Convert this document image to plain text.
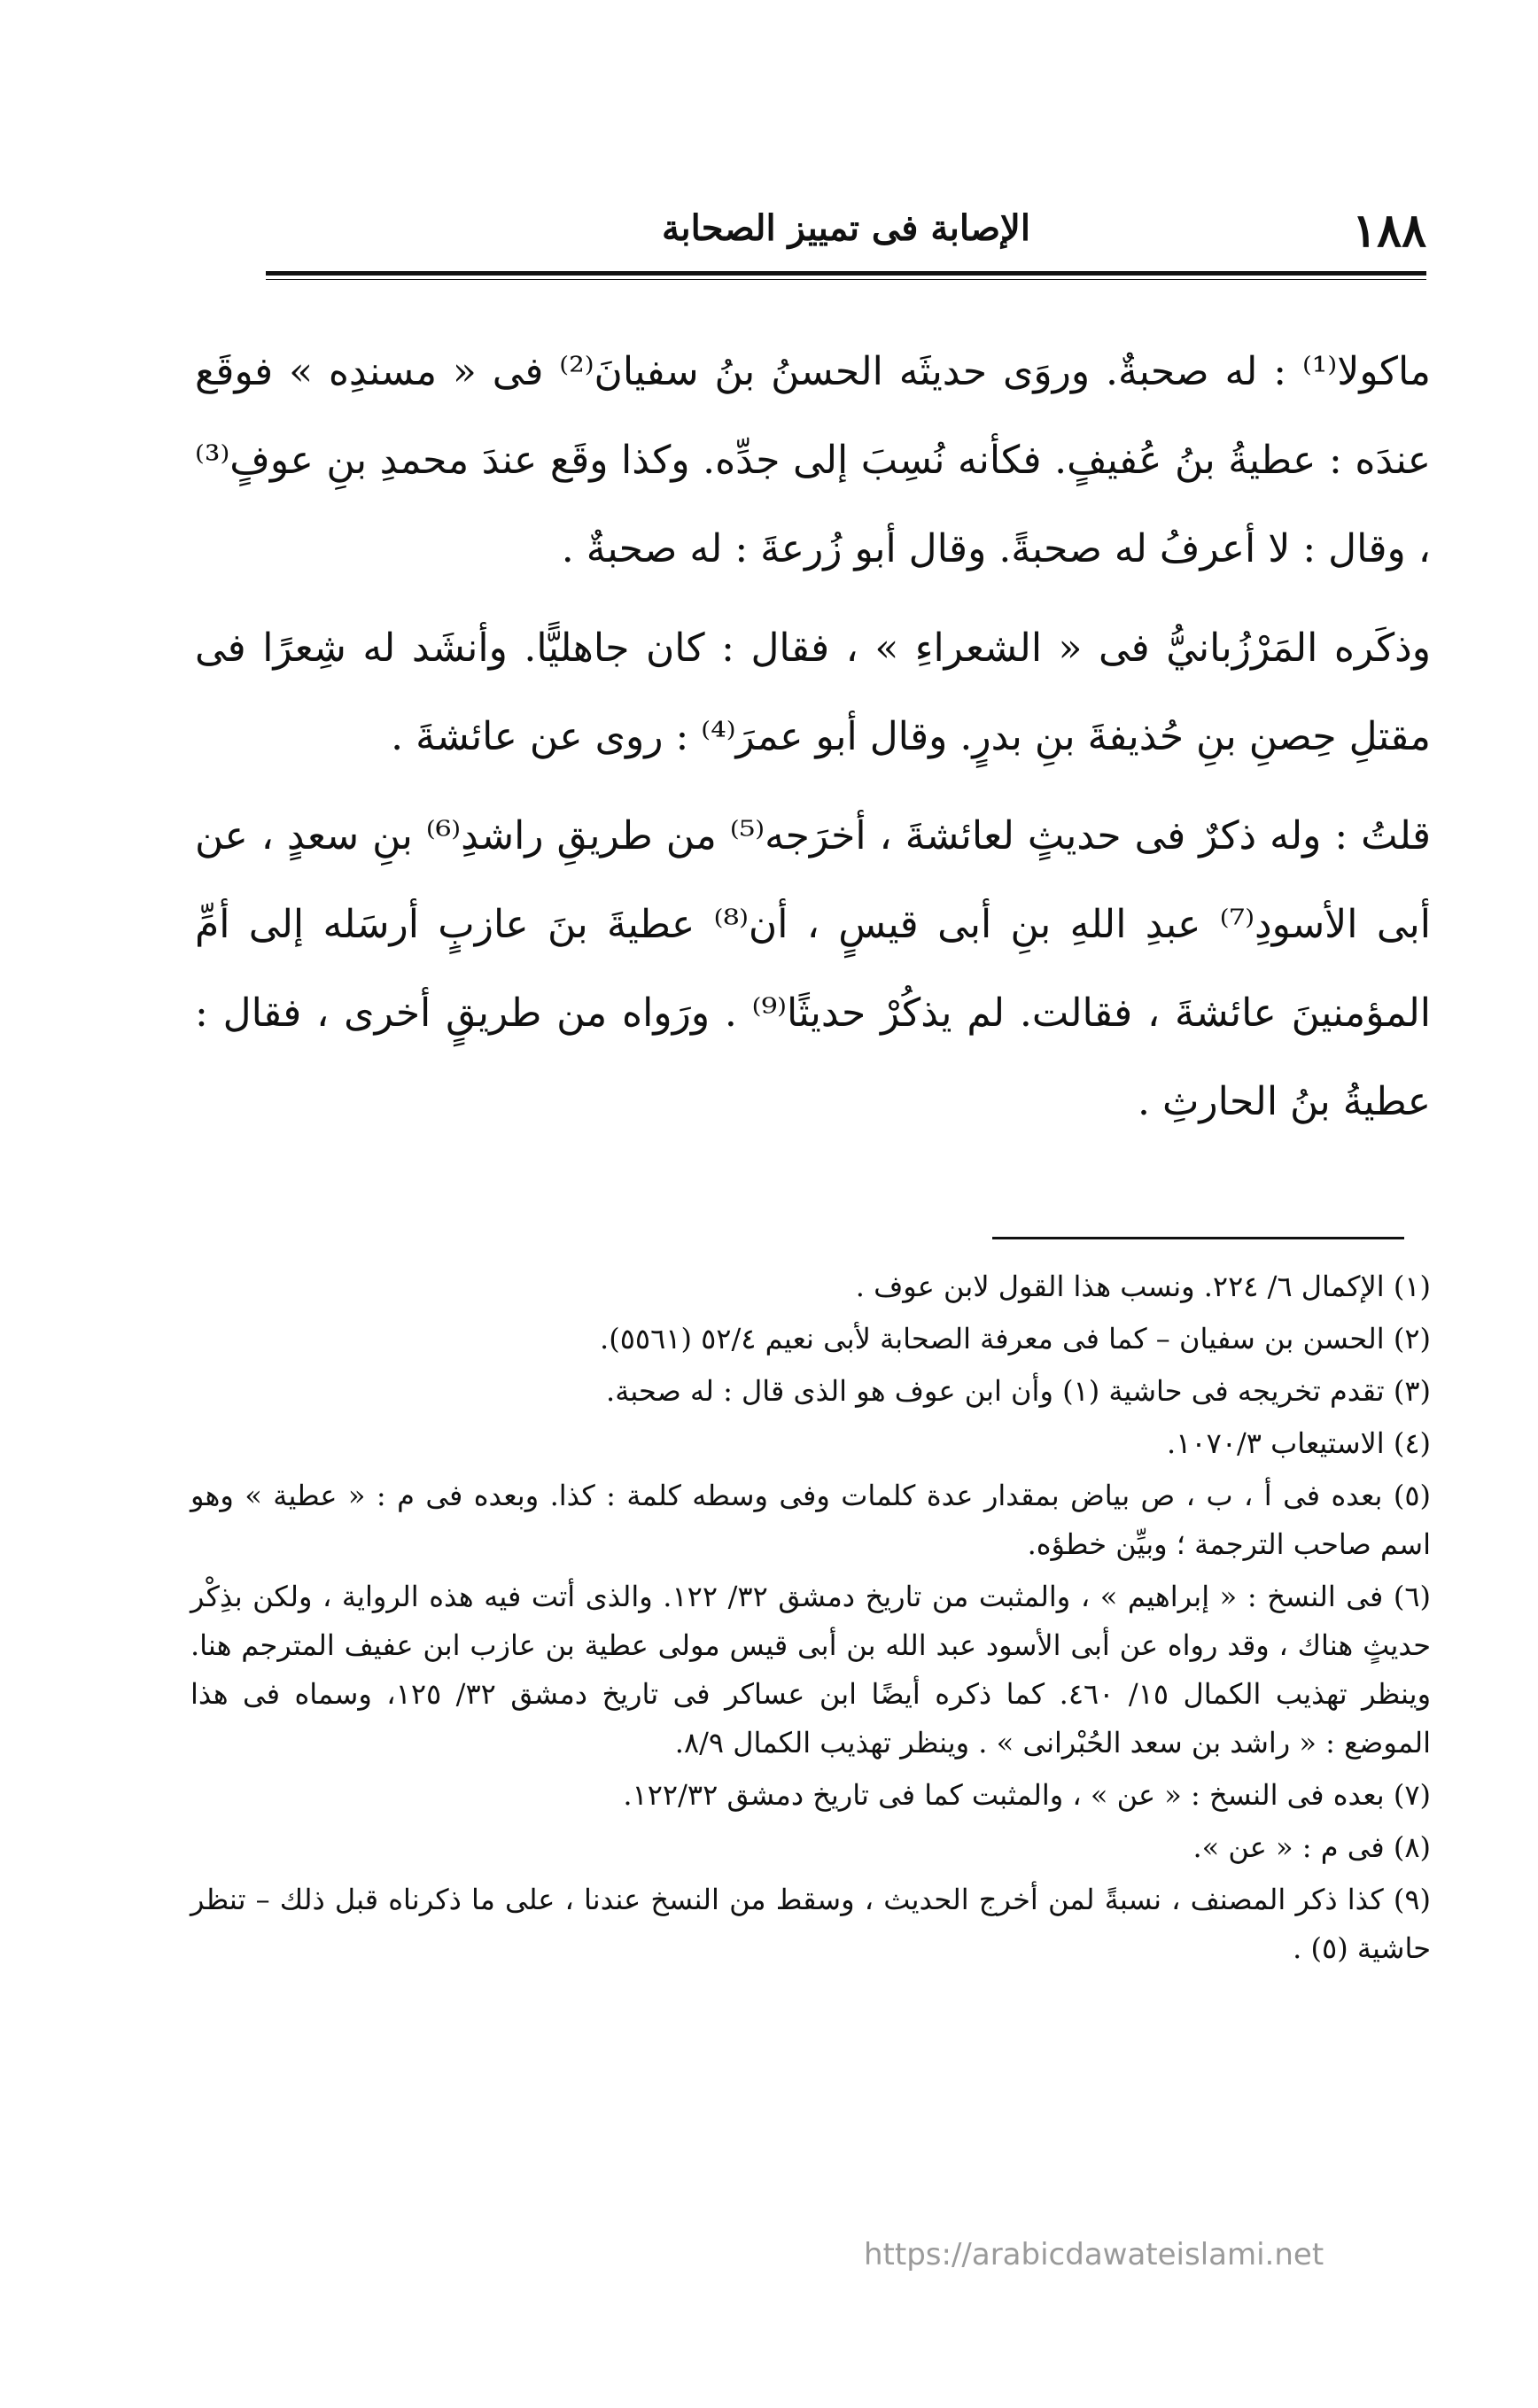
١٨٨
الإصابة فى تمييز الصحابة

ماكولا⁽¹⁾ : له صحبةٌ. وروَى حديثَه الحسنُ بنُ سفيانَ⁽²⁾ فى « مسندِه » فوقَع عندَه : عطيةُ بنُ عُفيفٍ. فكأنه نُسِبَ إلى جدِّه. وكذا وقَع عندَ محمدِ بنِ عوفٍ⁽³⁾ ، وقال : لا أعرفُ له صحبةً. وقال أبو زُرعةَ : له صحبةٌ .

وذكَره المَرْزُبانيُّ فى « الشعراءِ » ، فقال : كان جاهليًّا. وأنشَد له شِعرًا فى مقتلِ حِصنِ بنِ حُذيفةَ بنِ بدرٍ. وقال أبو عمرَ⁽⁴⁾ : روى عن عائشةَ .

قلتُ : وله ذكرٌ فى حديثٍ لعائشةَ ، أخرَجه⁽⁵⁾ من طريقِ راشدِ⁽⁶⁾ بنِ سعدٍ ، عن أبى الأسودِ⁽⁷⁾ عبدِ اللهِ بنِ أبى قيسٍ ، أن⁽⁸⁾ عطيةَ بنَ عازبٍ أرسَله إلى أمِّ المؤمنينَ عائشةَ ، فقالت. لم يذكُرْ حديثًا⁽⁹⁾ . ورَواه من طريقٍ أخرى ، فقال : عطيةُ بنُ الحارثِ .

(١) الإكمال ٦/ ٢٢٤. ونسب هذا القول لابن عوف .

(٢) الحسن بن سفيان – كما فى معرفة الصحابة لأبى نعيم ٥٢/٤ (٥٥٦١).

(٣) تقدم تخريجه فى حاشية (١) وأن ابن عوف هو الذى قال : له صحبة.

(٤) الاستيعاب ١٠٧٠/٣.

(٥) بعده فى أ ، ب ، ص بياض بمقدار عدة كلمات وفى وسطه كلمة : كذا. وبعده فى م : « عطية » وهو اسم صاحب الترجمة ؛ وبيِّن خطؤه.

(٦) فى النسخ : « إبراهيم » ، والمثبت من تاريخ دمشق ٣٢/ ١٢٢. والذى أتت فيه هذه الرواية ، ولكن بذِكْر حديثٍ هناك ، وقد رواه عن أبى الأسود عبد الله بن أبى قيس مولى عطية بن عازب ابن عفيف المترجم هنا. وينظر تهذيب الكمال ١٥/ ٤٦٠. كما ذكره أيضًا ابن عساكر فى تاريخ دمشق ٣٢/ ١٢٥، وسماه فى هذا الموضع : « راشد بن سعد الحُبْرانى » . وينظر تهذيب الكمال ٨/٩.

(٧) بعده فى النسخ : « عن » ، والمثبت كما فى تاريخ دمشق ١٢٢/٣٢.

(٨) فى م : « عن ».

(٩) كذا ذكر المصنف ، نسبةً لمن أخرج الحديث ، وسقط من النسخ عندنا ، على ما ذكرناه قبل ذلك – تنظر حاشية (٥) .

https://arabicdawateislami.net
